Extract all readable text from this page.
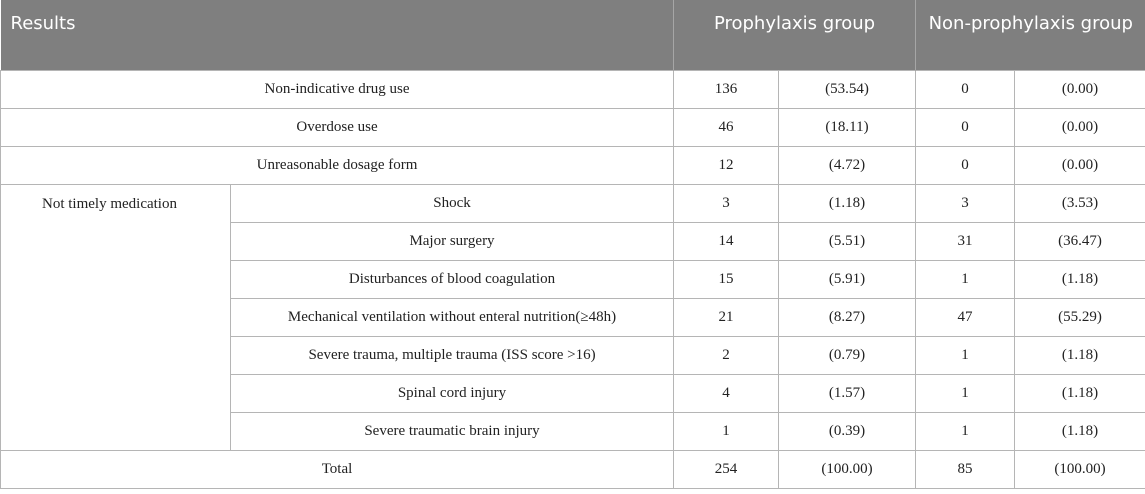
Results		Prophylaxis group		Non-prophylaxis group	
Non-indicative drug use		136	(53.54)	0	(0.00)
Overdose use		46	(18.11)	0	(0.00)
Unreasonable dosage form		12	(4.72)	0	(0.00)
Not timely medication	Shock	3	(1.18)	3	(3.53)
	Major surgery	14	(5.51)	31	(36.47)
	Disturbances of blood coagulation	15	(5.91)	1	(1.18)
	Mechanical ventilation without enteral nutrition(≥48h)	21	(8.27)	47	(55.29)
	Severe trauma, multiple trauma (ISS score >16)	2	(0.79)	1	(1.18)
	Spinal cord injury	4	(1.57)	1	(1.18)
	Severe traumatic brain injury	1	(0.39)	1	(1.18)
Total		254	(100.00)	85	(100.00)
